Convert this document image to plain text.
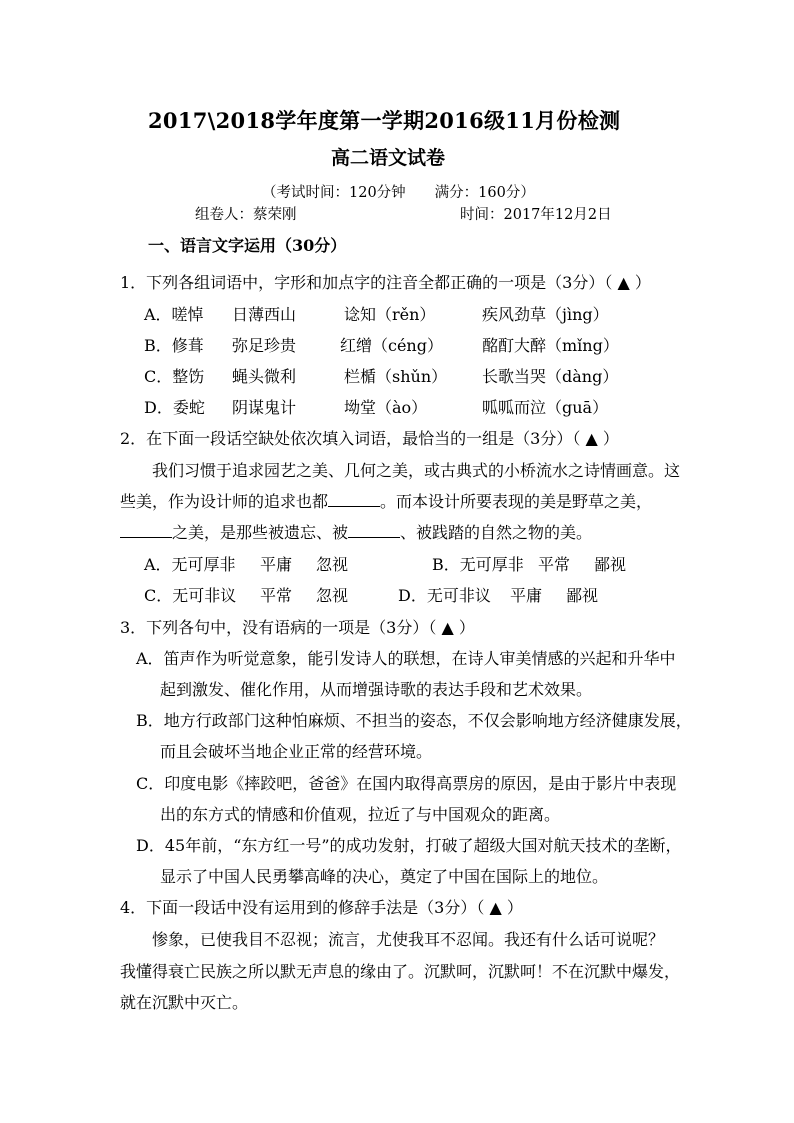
2017\2018学年度第一学期2016级11月份检测
高二语文试卷
（考试时间：120分钟　　满分：160分）
组卷人：蔡荣刚	时间：2017年12月2日
一、语言文字运用（30分）
1．下列各组词语中，字形和加点字的注音全都正确的一项是（3分）（ ▲ ）
A．嗟悼 日薄西山	谂知（rěn）	疾风劲草（jìng）
B．修葺 弥足珍贵	红缯（céng） 酩酊大醉（mǐng）
C．整饬 蝇头微利	栏楯（shǔn） 长歌当哭（dàng）
D．委蛇 阴谋鬼计	坳堂（ào）	呱呱而泣（guā）
2．在下面一段话空缺处依次填入词语，最恰当的一组是（3分）（ ▲ ）
我们习惯于追求园艺之美、几何之美，或古典式的小桥流水之诗情画意。这
些美，作为设计师的追求也都	。而本设计所要表现的美是野草之美，
之美，是那些被遗忘、被	、被践踏的自然之物的美。
A．无可厚非 平庸 忽视	B．无可厚非 平常 鄙视
C．无可非议 平常 忽视	D．无可非议 平庸 鄙视
3．下列各句中，没有语病的一项是（3分）（ ▲ ）
A．笛声作为听觉意象，能引发诗人的联想，在诗人审美情感的兴起和升华中
起到激发、催化作用，从而增强诗歌的表达手段和艺术效果。
B．地方行政部门这种怕麻烦、不担当的姿态，不仅会影响地方经济健康发展，
而且会破坏当地企业正常的经营环境。
C．印度电影《摔跤吧，爸爸》在国内取得高票房的原因，是由于影片中表现
出的东方式的情感和价值观，拉近了与中国观众的距离。
D．45年前，“东方红一号”的成功发射，打破了超级大国对航天技术的垄断，
显示了中国人民勇攀高峰的决心，奠定了中国在国际上的地位。
4．下面一段话中没有运用到的修辞手法是（3分）（ ▲ ）
惨象，已使我目不忍视；流言，尤使我耳不忍闻。我还有什么话可说呢？
我懂得衰亡民族之所以默无声息的缘由了。沉默呵，沉默呵！不在沉默中爆发，
就在沉默中灭亡。
